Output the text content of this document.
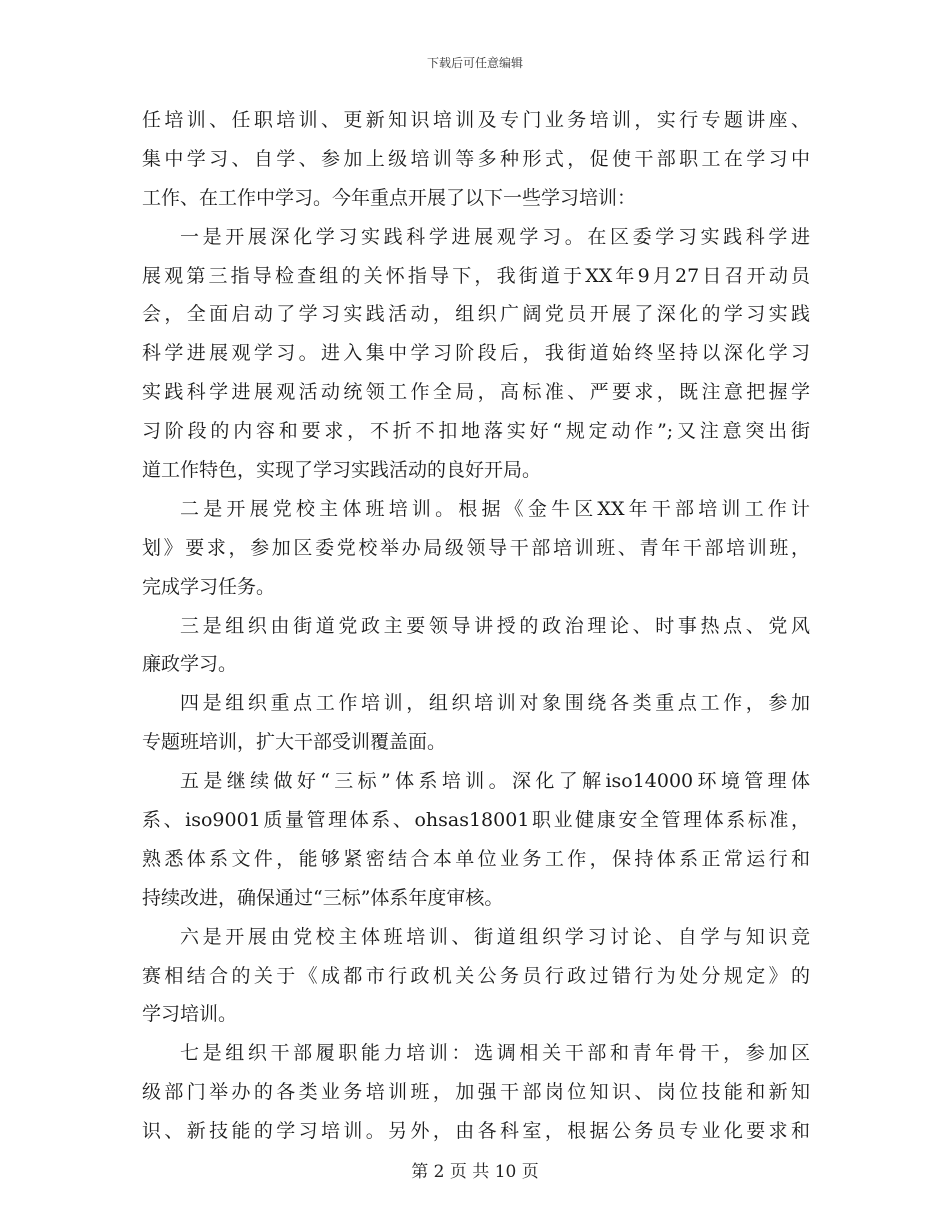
下载后可任意编辑
任培训、任职培训、更新知识培训及专门业务培训，实行专题讲座、
集中学习、自学、参加上级培训等多种形式，促使干部职工在学习中
工作、在工作中学习。今年重点开展了以下一些学习培训：
一是开展深化学习实践科学进展观学习。在区委学习实践科学进
展观第三指导检查组的关怀指导下，我街道于XX年9月27日召开动员
会，全面启动了学习实践活动，组织广阔党员开展了深化的学习实践
科学进展观学习。进入集中学习阶段后，我街道始终坚持以深化学习
实践科学进展观活动统领工作全局，高标准、严要求，既注意把握学
习阶段的内容和要求，不折不扣地落实好“规定动作”;又注意突出街
道工作特色，实现了学习实践活动的良好开局。
二是开展党校主体班培训。根据《金牛区XX年干部培训工作计
划》要求，参加区委党校举办局级领导干部培训班、青年干部培训班，
完成学习任务。
三是组织由街道党政主要领导讲授的政治理论、时事热点、党风
廉政学习。
四是组织重点工作培训，组织培训对象围绕各类重点工作，参加
专题班培训，扩大干部受训覆盖面。
五是继续做好“三标”体系培训。深化了解iso14000环境管理体
系、iso9001质量管理体系、ohsas18001职业健康安全管理体系标准，
熟悉体系文件，能够紧密结合本单位业务工作，保持体系正常运行和
持续改进，确保通过“三标”体系年度审核。
六是开展由党校主体班培训、街道组织学习讨论、自学与知识竞
赛相结合的关于《成都市行政机关公务员行政过错行为处分规定》的
学习培训。
七是组织干部履职能力培训：选调相关干部和青年骨干，参加区
级部门举办的各类业务培训班，加强干部岗位知识、岗位技能和新知
识、新技能的学习培训。另外，由各科室，根据公务员专业化要求和
第 2 页 共 10 页
